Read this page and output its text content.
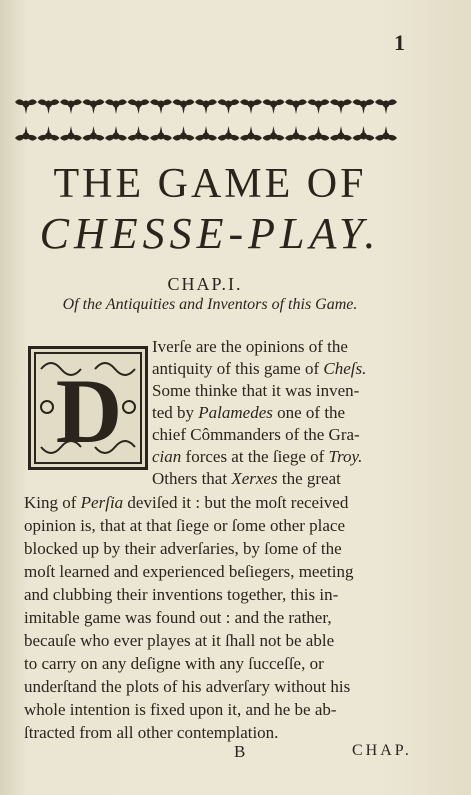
1
THE GAME OF
CHESSE-PLAY.
CHAP.I.
Of the Antiquities and Inventors of this Game.
D
Iverſe are the opinions of the
antiquity of this game of Cheſs.
Some thinke that it was inven-
ted by Palamedes one of the
chief Cômmanders of the Gra-
cian forces at the ſiege of Troy.
Others that Xerxes the great
King of Perſia deviſed it : but the moſt received
opinion is, that at that ſiege or ſome other place
blocked up by their adverſaries, by ſome of the
moſt learned and experienced beſiegers, meeting
and clubbing their inventions together, this in-
imitable game was found out : and the rather,
becauſe who ever playes at it ſhall not be able
to carry on any deſigne with any ſucceſſe, or
underſtand the plots of his adverſary without his
whole intention is fixed upon it, and he be ab-
ſtracted from all other contemplation.
B	CHAP.
